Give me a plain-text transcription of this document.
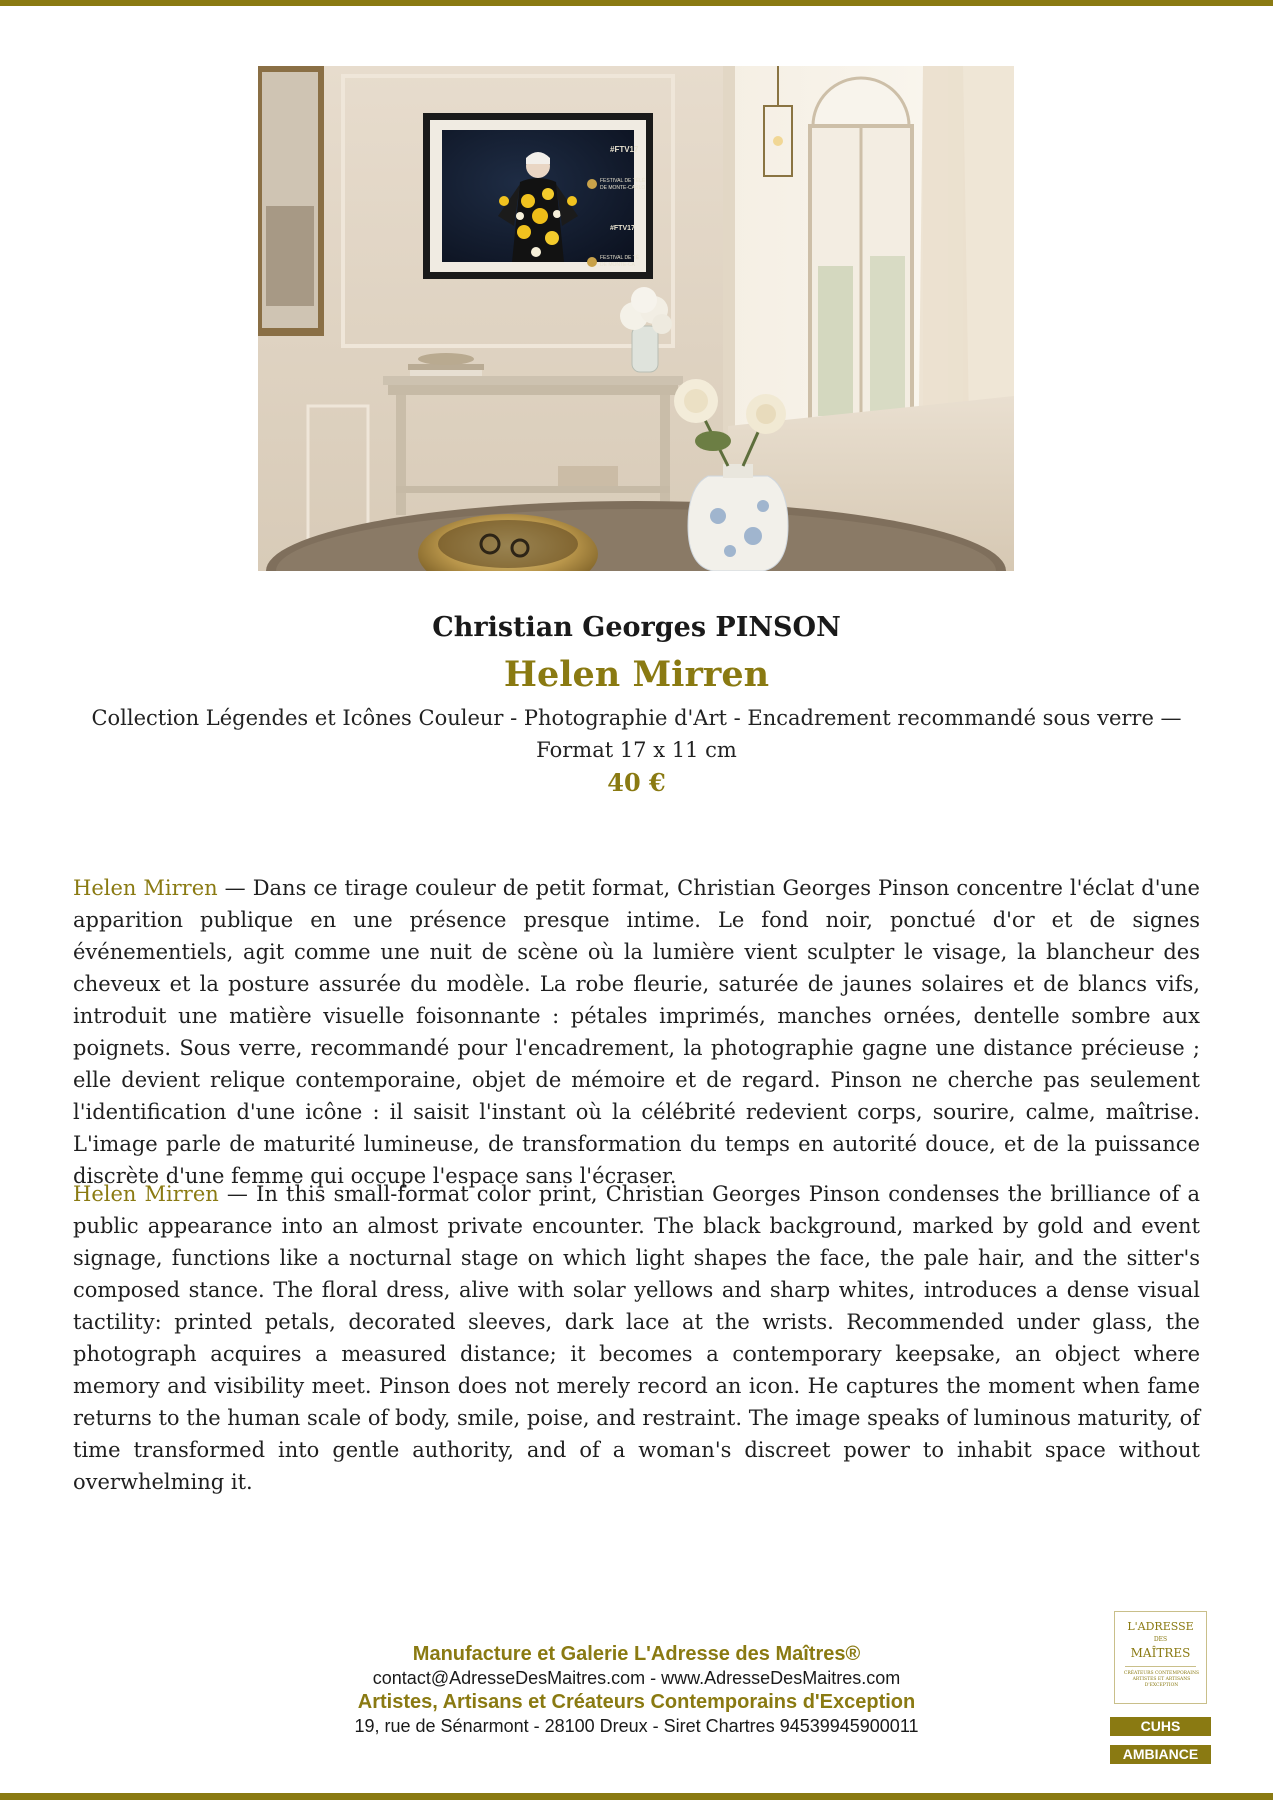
#FTV17
FESTIVAL DE TÉLÉ
DE MONTE-CARLO
#FTV17
FESTIVAL DE TÉ
DE MONTE-CA
Christian Georges PINSON
Helen Mirren
Collection Légendes et Icônes Couleur - Photographie d'Art - Encadrement recommandé sous verre — Format 17 x 11 cm
40 €

Helen Mirren — Dans ce tirage couleur de petit format, Christian Georges Pinson concentre l'éclat d'une apparition publique en une présence presque intime. Le fond noir, ponctué d'or et de signes événementiels, agit comme une nuit de scène où la lumière vient sculpter le visage, la blancheur des cheveux et la posture assurée du modèle. La robe fleurie, saturée de jaunes solaires et de blancs vifs, introduit une matière visuelle foisonnante : pétales imprimés, manches ornées, dentelle sombre aux poignets. Sous verre, recommandé pour l'encadrement, la photographie gagne une distance précieuse ; elle devient relique contemporaine, objet de mémoire et de regard. Pinson ne cherche pas seulement l'identification d'une icône : il saisit l'instant où la célébrité redevient corps, sourire, calme, maîtrise. L'image parle de maturité lumineuse, de transformation du temps en autorité douce, et de la puissance discrète d'une femme qui occupe l'espace sans l'écraser.

Helen Mirren — In this small-format color print, Christian Georges Pinson condenses the brilliance of a public appearance into an almost private encounter. The black background, marked by gold and event signage, functions like a nocturnal stage on which light shapes the face, the pale hair, and the sitter's composed stance. The floral dress, alive with solar yellows and sharp whites, introduces a dense visual tactility: printed petals, decorated sleeves, dark lace at the wrists. Recommended under glass, the photograph acquires a measured distance; it becomes a contemporary keepsake, an object where memory and visibility meet. Pinson does not merely record an icon. He captures the moment when fame returns to the human scale of body, smile, poise, and restraint. The image speaks of luminous maturity, of time transformed into gentle authority, and of a woman's discreet power to inhabit space without overwhelming it.

Manufacture et Galerie L'Adresse des Maîtres®
contact@AdresseDesMaitres.com - www.AdresseDesMaitres.com
Artistes, Artisans et Créateurs Contemporains d'Exception
19, rue de Sénarmont - 28100 Dreux - Siret Chartres 94539945900011
L'ADRESSE
DES
MAÎTRES
CRÉATEURS CONTEMPORAINS ARTISTES ET ARTISANS D'EXCEPTION
CUHS
AMBIANCE
